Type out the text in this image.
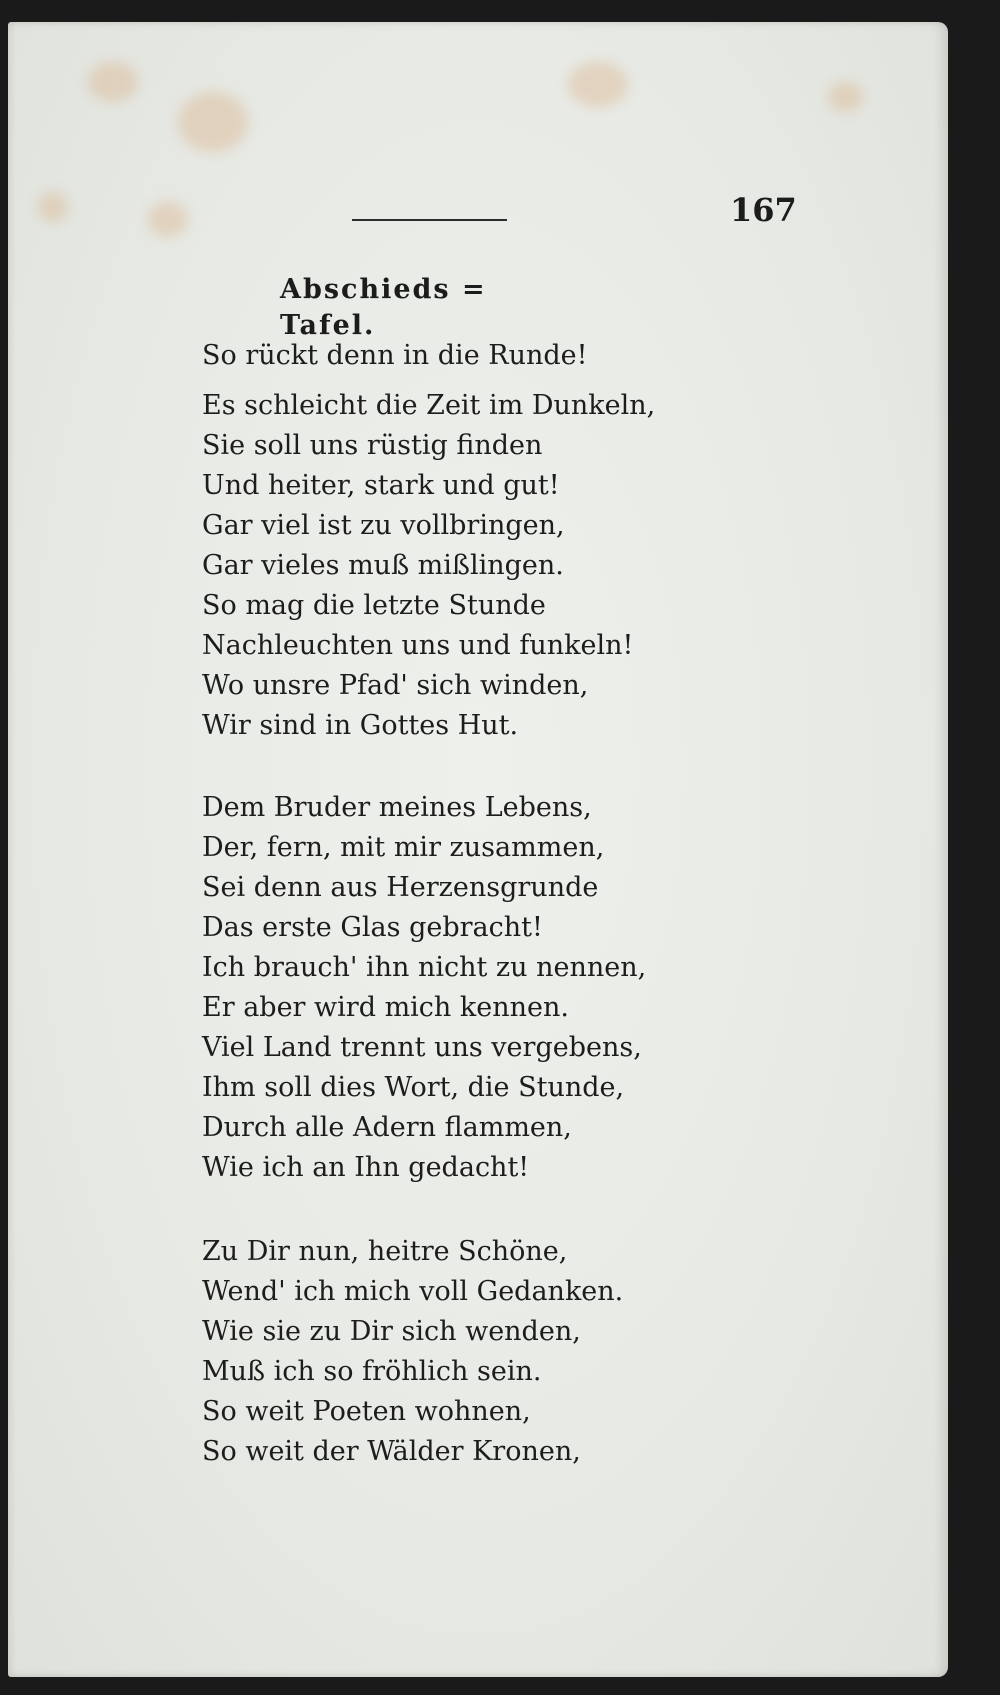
167
Abschieds = Tafel.
So rückt denn in die Runde!
Es schleicht die Zeit im Dunkeln,
Sie soll uns rüstig finden
Und heiter, stark und gut!
Gar viel ist zu vollbringen,
Gar vieles muß mißlingen.
So mag die letzte Stunde
Nachleuchten uns und funkeln!
Wo unsre Pfad' sich winden,
Wir sind in Gottes Hut.
Dem Bruder meines Lebens,
Der, fern, mit mir zusammen,
Sei denn aus Herzensgrunde
Das erste Glas gebracht!
Ich brauch' ihn nicht zu nennen,
Er aber wird mich kennen.
Viel Land trennt uns vergebens,
Ihm soll dies Wort, die Stunde,
Durch alle Adern flammen,
Wie ich an Ihn gedacht!
Zu Dir nun, heitre Schöne,
Wend' ich mich voll Gedanken.
Wie sie zu Dir sich wenden,
Muß ich so fröhlich sein.
So weit Poeten wohnen,
So weit der Wälder Kronen,
